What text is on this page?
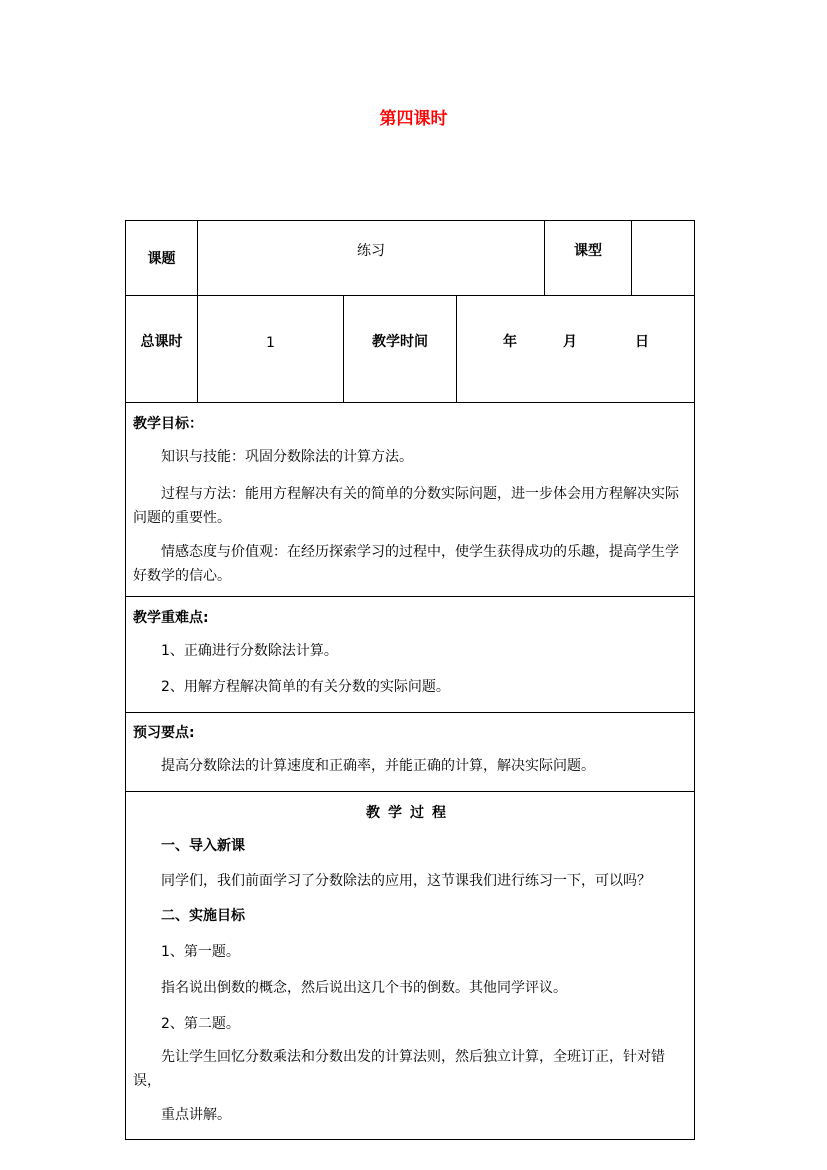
第四课时
课题	练习	课型
总课时	1	教学时间	年	月	日
教学目标：
知识与技能：巩固分数除法的计算方法。
过程与方法：能用方程解决有关的简单的分数实际问题，进一步体会用方程解决实际问题的重要性。
情感态度与价值观：在经历探索学习的过程中，使学生获得成功的乐趣，提高学生学好数学的信心。
教学重难点:
1、正确进行分数除法计算。
2、用解方程解决简单的有关分数的实际问题。
预习要点:
提高分数除法的计算速度和正确率，并能正确的计算，解决实际问题。
教学过程
一、导入新课
同学们，我们前面学习了分数除法的应用，这节课我们进行练习一下，可以吗？
二、实施目标
1、第一题。
指名说出倒数的概念，然后说出这几个书的倒数。其他同学评议。
2、第二题。
先让学生回忆分数乘法和分数出发的计算法则，然后独立计算，全班订正，针对错误，
重点讲解。
